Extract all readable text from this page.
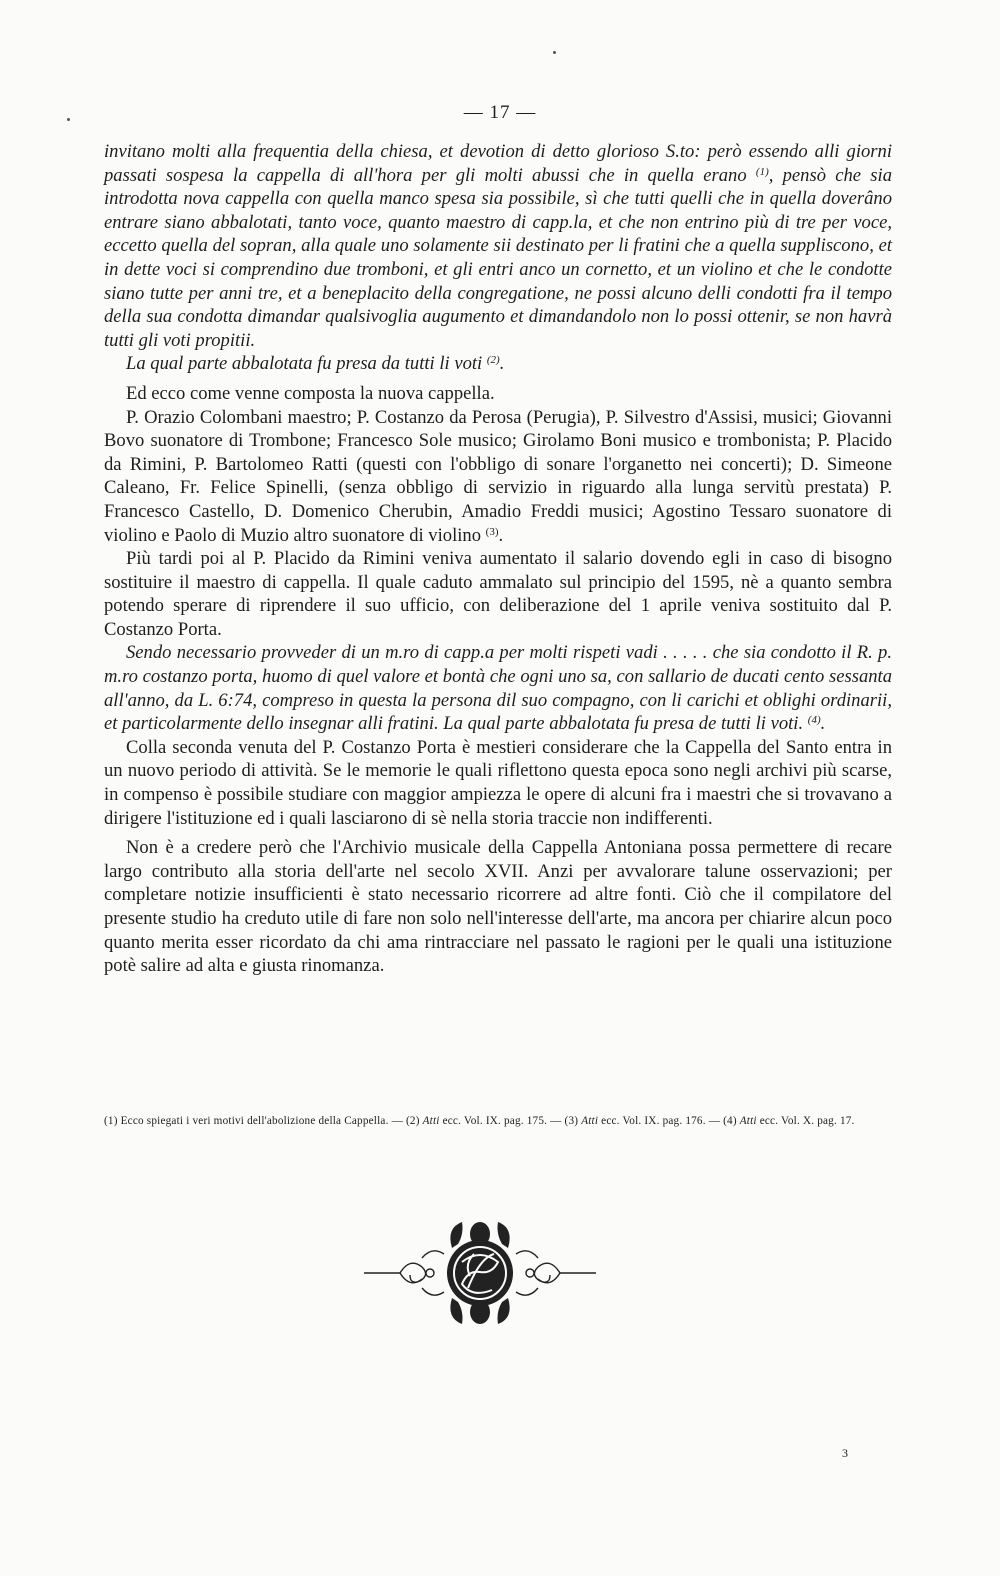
— 17 —

invitano molti alla frequentia della chiesa, et devotion di detto glorioso S.to: però essendo alli giorni passati sospesa la cappella di all'hora per gli molti abussi che in quella erano $^{(1)}$, pensò che sia introdotta nova cappella con quella manco spesa sia possibile, sì che tutti quelli che in quella doverâno entrare siano abbalotati, tanto voce, quanto maestro di capp.la, et che non entrino più di tre per voce, eccetto quella del sopran, alla quale uno solamente sii destinato per li fratini che a quella suppliscono, et in dette voci si comprendino due tromboni, et gli entri anco un cornetto, et un violino et che le condotte siano tutte per anni tre, et a beneplacito della congregatione, ne possi alcuno delli condotti fra il tempo della sua condotta dimandar qualsivoglia augumento et dimandandolo non lo possi ottenir, se non havrà tutti gli voti propitii.

La qual parte abbalotata fu presa da tutti li voti $^{(2)}$.

Ed ecco come venne composta la nuova cappella.

P. Orazio Colombani maestro; P. Costanzo da Perosa (Perugia), P. Silvestro d'Assisi, musici; Giovanni Bovo suonatore di Trombone; Francesco Sole musico; Girolamo Boni musico e trombonista; P. Placido da Rimini, P. Bartolomeo Ratti (questi con l'obbligo di sonare l'organetto nei concerti); D. Simeone Caleano, Fr. Felice Spinelli, (senza obbligo di servizio in riguardo alla lunga servitù prestata) P. Francesco Castello, D. Domenico Cherubin, Amadio Freddi musici; Agostino Tessaro suonatore di violino e Paolo di Muzio altro suonatore di violino $^{(3)}$.

Più tardi poi al P. Placido da Rimini veniva aumentato il salario dovendo egli in caso di bisogno sostituire il maestro di cappella. Il quale caduto ammalato sul principio del 1595, nè a quanto sembra potendo sperare di riprendere il suo ufficio, con deliberazione del 1 aprile veniva sostituito dal P. Costanzo Porta.

Sendo necessario provveder di un m.ro di capp.a per molti rispeti vadi . . . . . che sia condotto il R. p. m.ro costanzo porta, huomo di quel valore et bontà che ogni uno sa, con sallario de ducati cento sessanta all'anno, da L. 6:74, compreso in questa la persona dil suo compagno, con li carichi et oblighi ordinarii, et particolarmente dello insegnar alli fratini. La qual parte abbalotata fu presa de tutti li voti. $^{(4)}$.

Colla seconda venuta del P. Costanzo Porta è mestieri considerare che la Cappella del Santo entra in un nuovo periodo di attività. Se le memorie le quali riflettono questa epoca sono negli archivi più scarse, in compenso è possibile studiare con maggior ampiezza le opere di alcuni fra i maestri che si trovavano a dirigere l'istituzione ed i quali lasciarono di sè nella storia traccie non indifferenti.

Non è a credere però che l'Archivio musicale della Cappella Antoniana possa permettere di recare largo contributo alla storia dell'arte nel secolo XVII. Anzi per avvalorare talune osservazioni; per completare notizie insufficienti è stato necessario ricorrere ad altre fonti. Ciò che il compilatore del presente studio ha creduto utile di fare non solo nell'interesse dell'arte, ma ancora per chiarire alcun poco quanto merita esser ricordato da chi ama rintracciare nel passato le ragioni per le quali una istituzione potè salire ad alta e giusta rinomanza.

(1) Ecco spiegati i veri motivi dell'abolizione della Cappella. — (2) Atti ecc. Vol. IX. pag. 175. — (3) Atti ecc. Vol. IX. pag. 176. — (4) Atti ecc. Vol. X. pag. 17.
3
